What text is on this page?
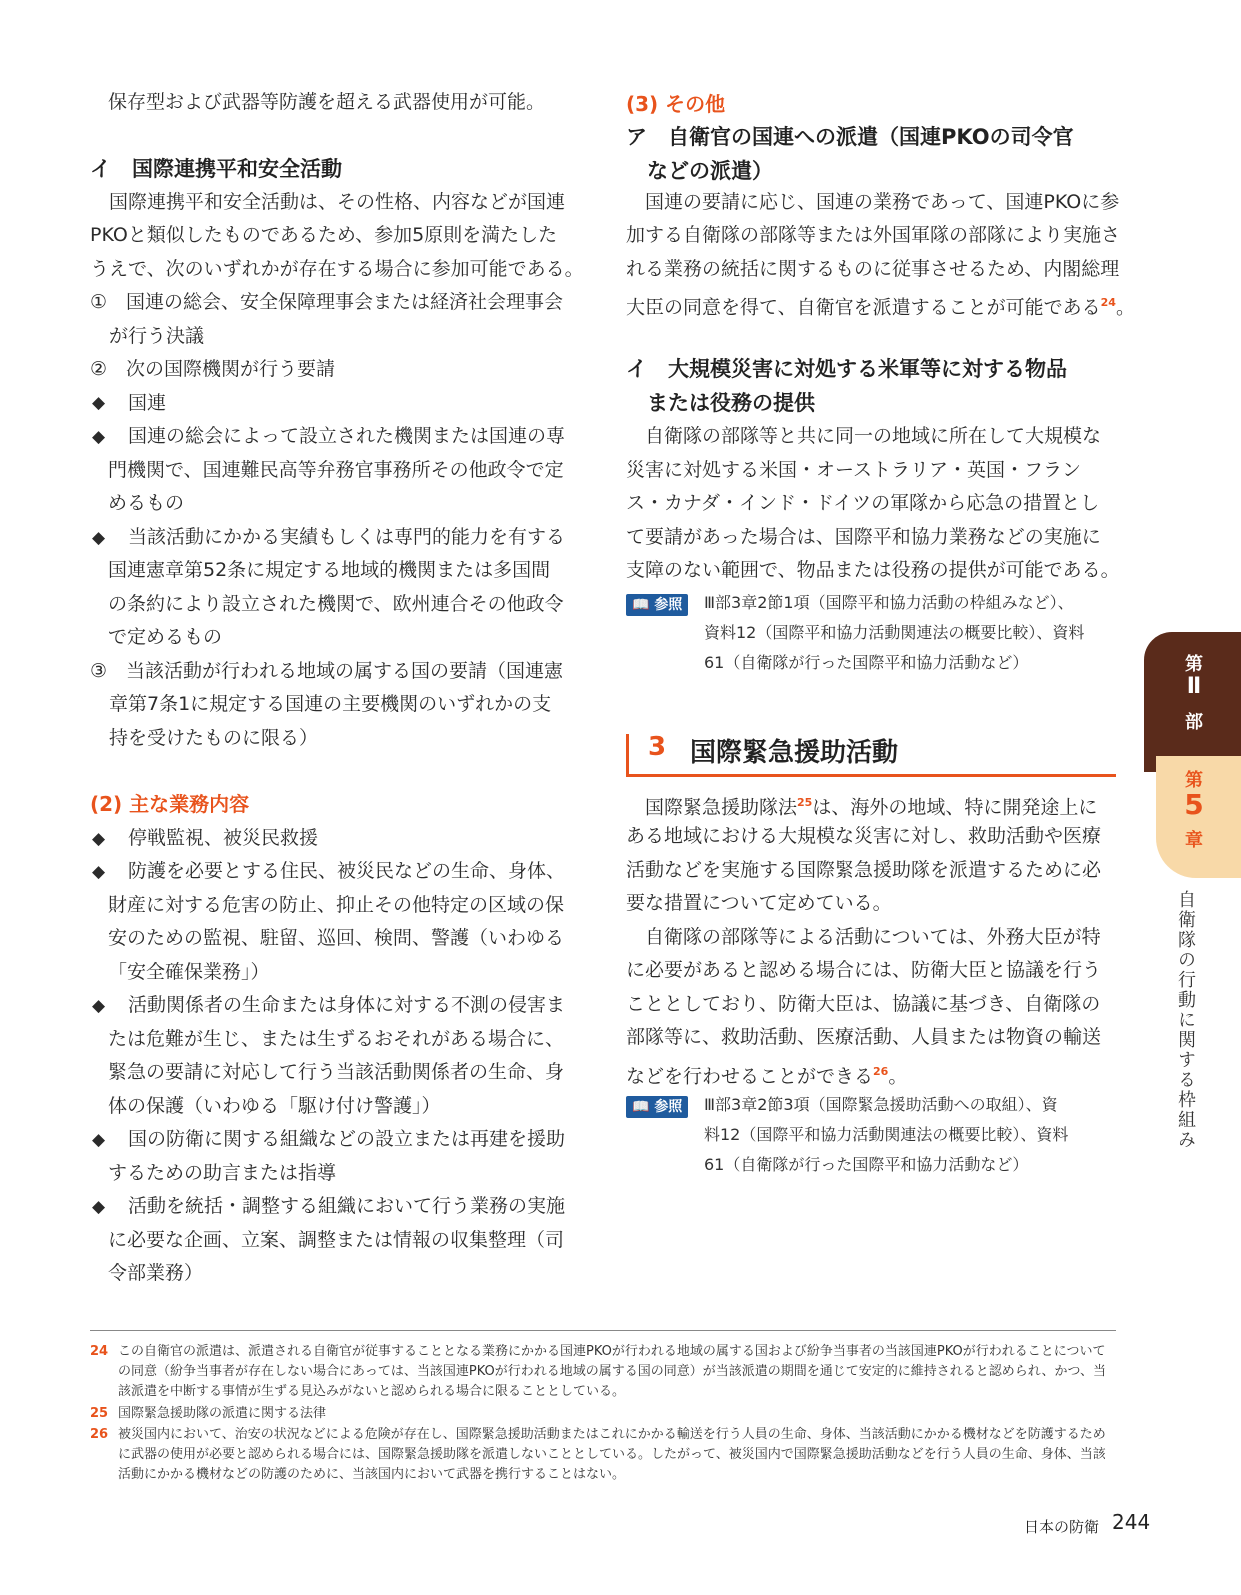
保存型および武器等防護を超える武器使用が可能。

イ　国際連携平和安全活動

　国際連携平和安全活動は、その性格、内容などが国連

PKOと類似したものであるため、参加5原則を満たした

うえで、次のいずれかが存在する場合に参加可能である。

①　国連の総会、安全保障理事会または経済社会理事会

　が行う決議

②　次の国際機関が行う要請

◆ 国連

◆ 国連の総会によって設立された機関または国連の専

門機関で、国連難民高等弁務官事務所その他政令で定

めるもの

◆ 当該活動にかかる実績もしくは専門的能力を有する

国連憲章第52条に規定する地域的機関または多国間

の条約により設立された機関で、欧州連合その他政令

で定めるもの

③　当該活動が行われる地域の属する国の要請（国連憲

　章第7条1に規定する国連の主要機関のいずれかの支

　持を受けたものに限る）

(2) 主な業務内容

◆ 停戦監視、被災民救援

◆ 防護を必要とする住民、被災民などの生命、身体、

財産に対する危害の防止、抑止その他特定の区域の保

安のための監視、駐留、巡回、検問、警護（いわゆる

「安全確保業務」）

◆ 活動関係者の生命または身体に対する不測の侵害ま

たは危難が生じ、または生ずるおそれがある場合に、

緊急の要請に対応して行う当該活動関係者の生命、身

体の保護（いわゆる「駆け付け警護」）

◆ 国の防衛に関する組織などの設立または再建を援助

するための助言または指導

◆ 活動を統括・調整する組織において行う業務の実施

に必要な企画、立案、調整または情報の収集整理（司

令部業務）

(3) その他

ア　自衛官の国連への派遣（国連PKOの司令官

　などの派遣）

　国連の要請に応じ、国連の業務であって、国連PKOに参

加する自衛隊の部隊等または外国軍隊の部隊により実施さ

れる業務の統括に関するものに従事させるため、内閣総理

大臣の同意を得て、自衛官を派遣することが可能である$^{24}$。

イ　大規模災害に対処する米軍等に対する物品

　または役務の提供

　自衛隊の部隊等と共に同一の地域に所在して大規模な

災害に対処する米国・オーストラリア・英国・フラン

ス・カナダ・インド・ドイツの軍隊から応急の措置とし

て要請があった場合は、国際平和協力業務などの実施に

支障のない範囲で、物品または役務の提供が可能である。

📖 参照	Ⅲ部3章2節1項（国際平和協力活動の枠組みなど）、

資料12（国際平和協力活動関連法の概要比較）、資料

61（自衛隊が行った国際平和協力活動など）

　国際緊急援助隊法$^{25}$は、海外の地域、特に開発途上に

ある地域における大規模な災害に対し、救助活動や医療

活動などを実施する国際緊急援助隊を派遣するために必

要な措置について定めている。

　自衛隊の部隊等による活動については、外務大臣が特

に必要があると認める場合には、防衛大臣と協議を行う

こととしており、防衛大臣は、協議に基づき、自衛隊の

部隊等に、救助活動、医療活動、人員または物資の輸送

などを行わせることができる$^{26}$。

📖 参照	Ⅲ部3章2節3項（国際緊急援助活動への取組）、資

料12（国際平和協力活動関連法の概要比較）、資料

61（自衛隊が行った国際平和協力活動など）

3 国際緊急援助活動
第
Ⅱ
部
第
5
章
自衛隊の行動に関する枠組み
24 この自衛官の派遣は、派遣される自衛官が従事することとなる業務にかかる国連PKOが行われる地域の属する国および紛争当事者の当該国連PKOが行われることについての同意（紛争当事者が存在しない場合にあっては、当該国連PKOが行われる地域の属する国の同意）が当該派遣の期間を通じて安定的に維持されると認められ、かつ、当該派遣を中断する事情が生ずる見込みがないと認められる場合に限ることとしている。
25 国際緊急援助隊の派遣に関する法律
26 被災国内において、治安の状況などによる危険が存在し、国際緊急援助活動またはこれにかかる輸送を行う人員の生命、身体、当該活動にかかる機材などを防護するために武器の使用が必要と認められる場合には、国際緊急援助隊を派遣しないこととしている。したがって、被災国内で国際緊急援助活動などを行う人員の生命、身体、当該活動にかかる機材などの防護のために、当該国内において武器を携行することはない。
日本の防衛 244
